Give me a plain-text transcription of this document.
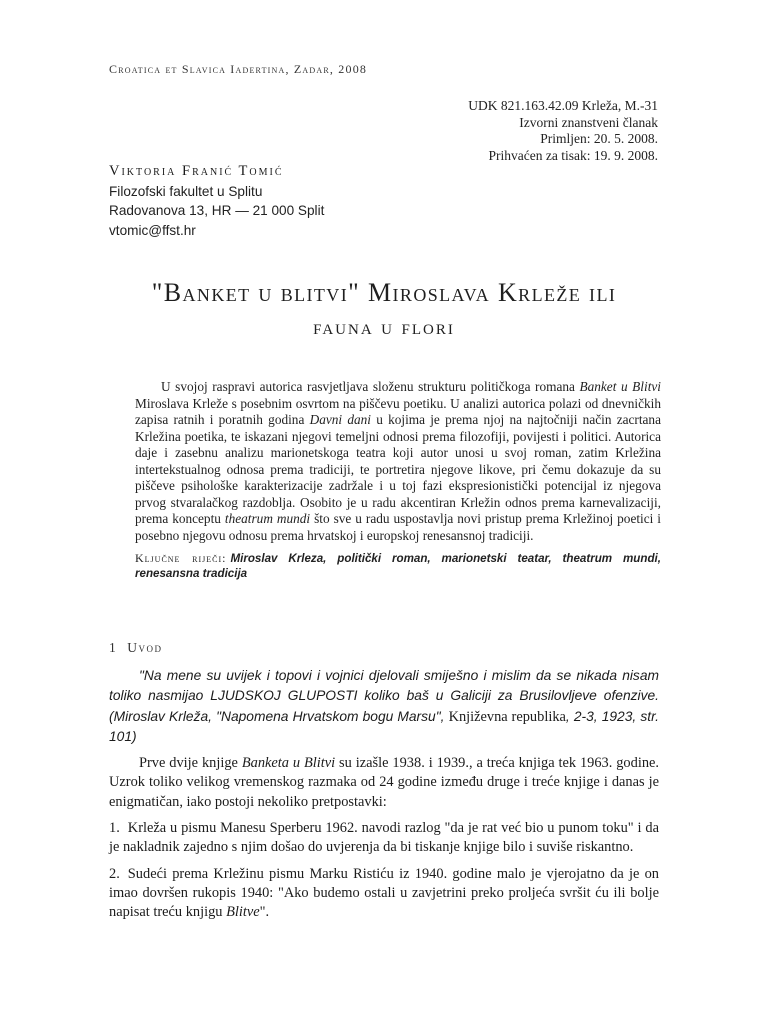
Croatica et Slavica Iadertina, Zadar, 2008
UDK 821.163.42.09 Krleža, M.-31
Izvorni znanstveni članak
Primljen: 20. 5. 2008.
Prihvaćen za tisak: 19. 9. 2008.
Viktoria Franić Tomić
Filozofski fakultet u Splitu
Radovanova 13, HR — 21 000 Split
vtomic@ffst.hr
"Banket u blitvi" Miroslava Krleže ili
fauna u flori

U svojoj raspravi autorica rasvjetljava složenu strukturu političkoga romana Banket u Blitvi Miroslava Krleže s posebnim osvrtom na piščevu poetiku. U analizi autorica polazi od dnevničkih zapisa ratnih i poratnih godina Davni dani u kojima je prema njoj na najtočniji način zacrtana Krležina poetika, te iskazani njegovi temeljni odnosi prema filozofiji, povijesti i politici. Autorica daje i zasebnu analizu marionetskoga teatra koji autor unosi u svoj roman, zatim Krležina intertekstualnog odnosa prema tradiciji, te portretira njegove likove, pri čemu dokazuje da su piščeve psihološke karakterizacije zadržale i u toj fazi ekspresionistički potencijal iz njegova prvog stvaralačkog razdoblja. Osobito je u radu akcentiran Krležin odnos prema karnevalizaciji, prema konceptu theatrum mundi što sve u radu uspostavlja novi pristup prema Krležinoj poetici i posebno njegovu odnosu prema hrvatskoj i europskoj renesansnoj tradiciji.

Ključne riječi: Miroslav Krleza, politički roman, marionetski teatar, theatrum mundi, renesansna tradicija
1 Uvod

"Na mene su uvijek i topovi i vojnici djelovali smiješno i mislim da se nikada nisam toliko nasmijao LJUDSKOJ GLUPOSTI koliko baš u Galiciji za Brusilovljeve ofenzive. (Miroslav Krleža, "Napomena Hrvatskom bogu Marsu", Književna republika, 2-3, 1923, str. 101)

Prve dvije knjige Banketa u Blitvi su izašle 1938. i 1939., a treća knjiga tek 1963. godine. Uzrok toliko velikog vremenskog razmaka od 24 godine između druge i treće knjige i danas je enigmatičan, iako postoji nekoliko pretpostavki:

1. Krleža u pismu Manesu Sperberu 1962. navodi razlog "da je rat već bio u punom toku" i da je nakladnik zajedno s njim došao do uvjerenja da bi tiskanje knjige bilo i suviše riskantno.

2. Sudeći prema Krležinu pismu Marku Ristiću iz 1940. godine malo je vjerojatno da je on imao dovršen rukopis 1940: "Ako budemo ostali u zavjetrini preko proljeća svršit ću ili bolje napisat treću knjigu Blitve".
